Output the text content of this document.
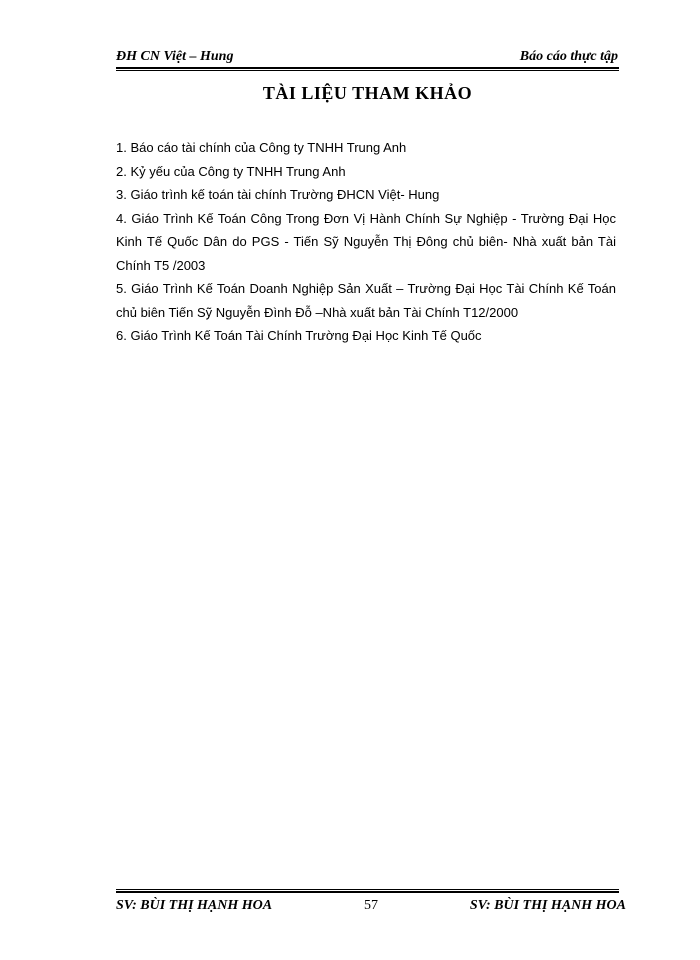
ĐH CN Việt – Hung	Báo cáo thực tập
TÀI LIỆU THAM KHẢO
1. Báo cáo tài chính của Công ty TNHH Trung Anh
2. Kỷ yếu của Công ty TNHH Trung Anh
3. Giáo trình kế toán tài chính Trường ĐHCN Việt- Hung
4. Giáo Trình Kế Toán Công Trong Đơn Vị Hành Chính Sự Nghiệp - Trường Đại Học Kinh Tế Quốc Dân do PGS - Tiến Sỹ Nguyễn Thị Đông chủ biên- Nhà xuất bản Tài Chính T5 /2003
5. Giáo Trình Kế Toán Doanh Nghiệp Sản Xuất – Trường Đại Học Tài Chính Kế Toán chủ biên Tiến Sỹ Nguyễn Đình Đỗ –Nhà xuất bản Tài Chính T12/2000
6. Giáo Trình Kế Toán Tài Chính Trường Đại Học Kinh Tế Quốc
SV: BÙI THỊ HẠNH HOA	57	SV: BÙI THỊ HẠNH HOA
